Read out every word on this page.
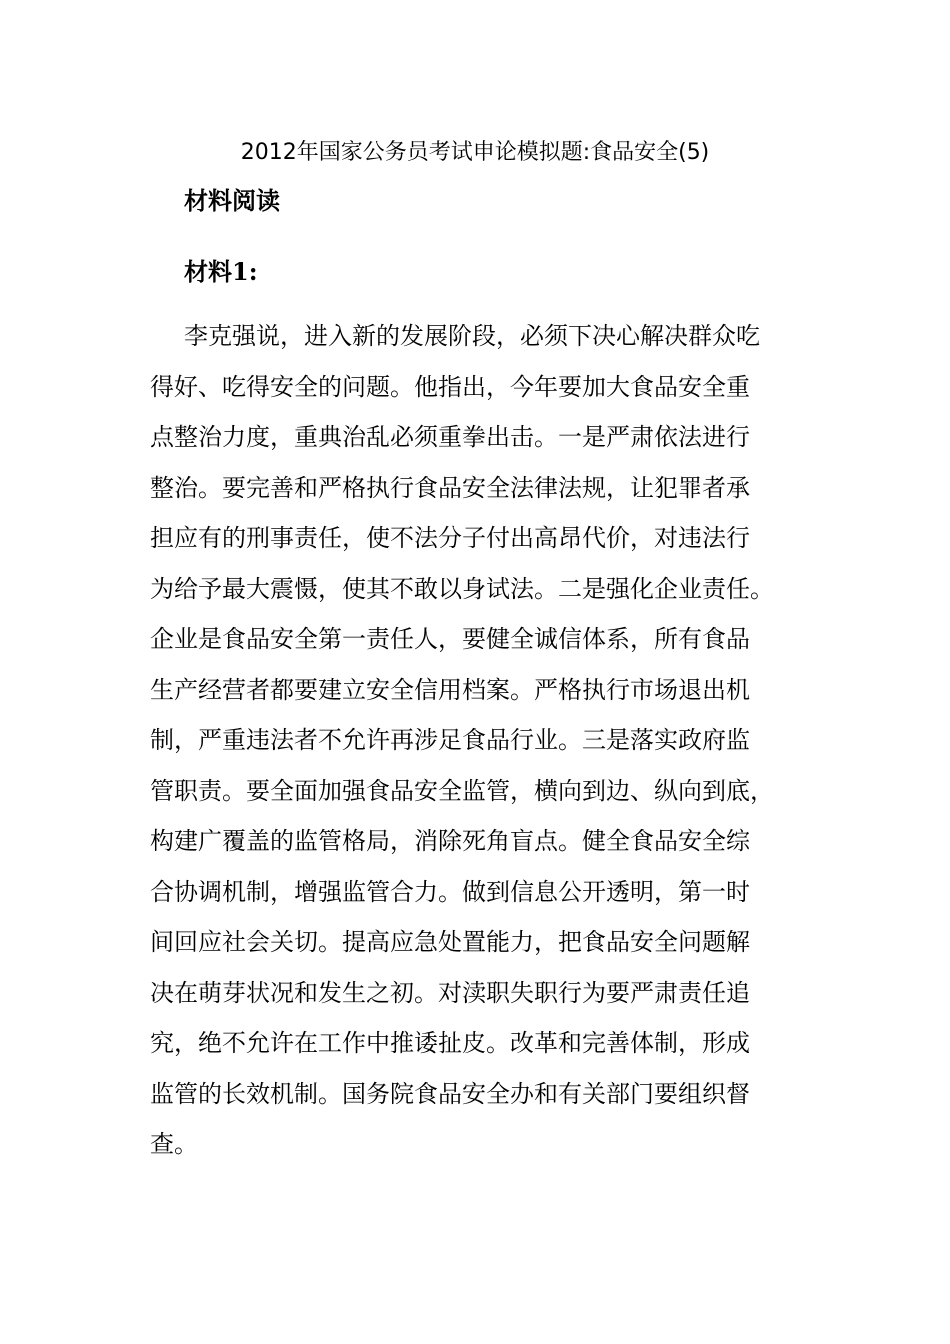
2012年国家公务员考试申论模拟题:食品安全(5)
材料阅读
材料1:
李克强说，进入新的发展阶段，必须下决心解决群众吃
得好、吃得安全的问题。他指出，今年要加大食品安全重
点整治力度，重典治乱必须重拳出击。一是严肃依法进行
整治。要完善和严格执行食品安全法律法规，让犯罪者承
担应有的刑事责任，使不法分子付出高昂代价，对违法行
为给予最大震慑，使其不敢以身试法。二是强化企业责任。
企业是食品安全第一责任人，要健全诚信体系，所有食品
生产经营者都要建立安全信用档案。严格执行市场退出机
制，严重违法者不允许再涉足食品行业。三是落实政府监
管职责。要全面加强食品安全监管，横向到边、纵向到底，
构建广覆盖的监管格局，消除死角盲点。健全食品安全综
合协调机制，增强监管合力。做到信息公开透明，第一时
间回应社会关切。提高应急处置能力，把食品安全问题解
决在萌芽状况和发生之初。对渎职失职行为要严肃责任追
究，绝不允许在工作中推诿扯皮。改革和完善体制，形成
监管的长效机制。国务院食品安全办和有关部门要组织督
查。
